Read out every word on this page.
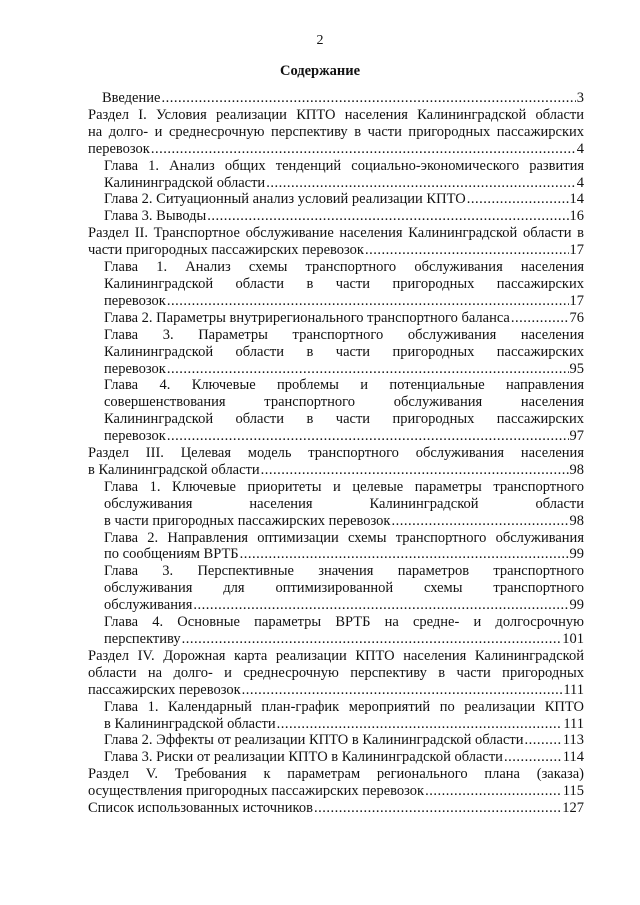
2
Содержание
Введение .....	3
Раздел I. Условия реализации КПТО населения Калининградской области
на долго- и среднесрочную перспективу в части пригородных пассажирских
перевозок .....	4
Глава 1. Анализ общих тенденций социально-экономического развития
Калининградской области .....	4
Глава 2. Ситуационный анализ условий реализации КПТО .....	14
Глава 3. Выводы .....	16
Раздел II. Транспортное обслуживание населения Калининградской области в
части пригородных пассажирских перевозок .....	17
Глава 1. Анализ схемы транспортного обслуживания населения
Калининградской области в части пригородных пассажирских
перевозок .....	17
Глава 2. Параметры внутрирегионального транспортного баланса .....	76
Глава 3. Параметры транспортного обслуживания населения
Калининградской области в части пригородных пассажирских
перевозок .....	95
Глава 4. Ключевые проблемы и потенциальные направления
совершенствования транспортного обслуживания населения
Калининградской области в части пригородных пассажирских
перевозок .....	97
Раздел III. Целевая модель транспортного обслуживания населения
в Калининградской области .....	98
Глава 1. Ключевые приоритеты и целевые параметры транспортного
обслуживания населения Калининградской области
в части пригородных пассажирских перевозок .....	98
Глава 2. Направления оптимизации схемы транспортного обслуживания
по сообщениям ВРТБ .....	99
Глава 3. Перспективные значения параметров транспортного
обслуживания для оптимизированной схемы транспортного
обслуживания .....	99
Глава 4. Основные параметры ВРТБ на средне- и долгосрочную
перспективу .....	101
Раздел IV. Дорожная карта реализации КПТО населения Калининградской
области на долго- и среднесрочную перспективу в части пригородных
пассажирских перевозок .....	111
Глава 1. Календарный план-график мероприятий по реализации КПТО
в Калининградской области .....	111
Глава 2. Эффекты от реализации КПТО в Калининградской области .....	113
Глава 3. Риски от реализации КПТО в Калининградской области .....	114
Раздел V. Требования к параметрам регионального плана (заказа)
осуществления пригородных пассажирских перевозок .....	115
Список использованных источников .....	127
